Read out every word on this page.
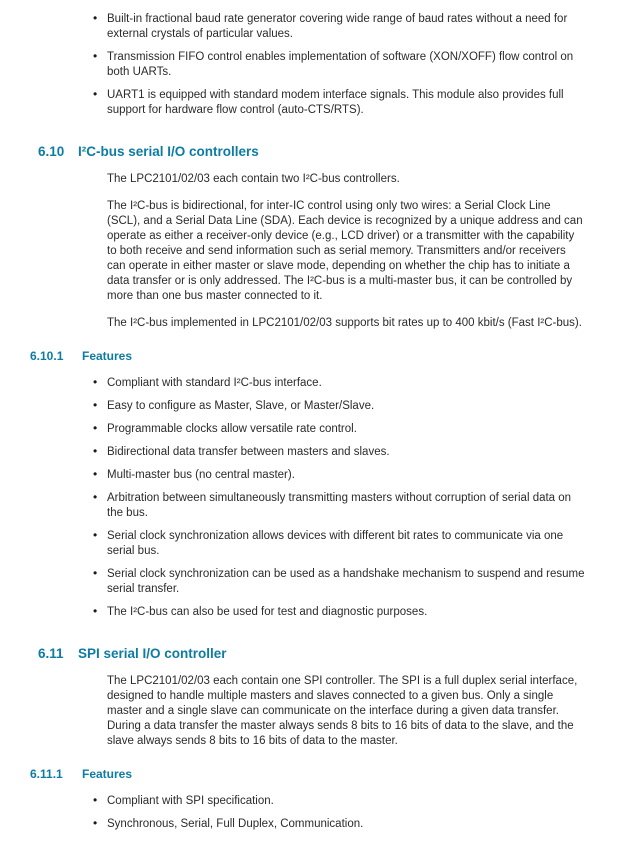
• Built-in fractional baud rate generator covering wide range of baud rates without a need for external crystals of particular values.
• Transmission FIFO control enables implementation of software (XON/XOFF) flow control on both UARTs.
• UART1 is equipped with standard modem interface signals. This module also provides full support for hardware flow control (auto-CTS/RTS).
6.10 I²C-bus serial I/O controllers

The LPC2101/02/03 each contain two I²C-bus controllers.

The I²C-bus is bidirectional, for inter-IC control using only two wires: a Serial Clock Line (SCL), and a Serial Data Line (SDA). Each device is recognized by a unique address and can operate as either a receiver-only device (e.g., LCD driver) or a transmitter with the capability to both receive and send information such as serial memory. Transmitters and/or receivers can operate in either master or slave mode, depending on whether the chip has to initiate a data transfer or is only addressed. The I²C-bus is a multi-master bus, it can be controlled by more than one bus master connected to it.

The I²C-bus implemented in LPC2101/02/03 supports bit rates up to 400 kbit/s (Fast I²C-bus).

6.10.1 Features
• Compliant with standard I²C-bus interface.
• Easy to configure as Master, Slave, or Master/Slave.
• Programmable clocks allow versatile rate control.
• Bidirectional data transfer between masters and slaves.
• Multi-master bus (no central master).
• Arbitration between simultaneously transmitting masters without corruption of serial data on the bus.
• Serial clock synchronization allows devices with different bit rates to communicate via one serial bus.
• Serial clock synchronization can be used as a handshake mechanism to suspend and resume serial transfer.
• The I²C-bus can also be used for test and diagnostic purposes.
6.11 SPI serial I/O controller

The LPC2101/02/03 each contain one SPI controller. The SPI is a full duplex serial interface, designed to handle multiple masters and slaves connected to a given bus. Only a single master and a single slave can communicate on the interface during a given data transfer. During a data transfer the master always sends 8 bits to 16 bits of data to the slave, and the slave always sends 8 bits to 16 bits of data to the master.

6.11.1 Features
• Compliant with SPI specification.
• Synchronous, Serial, Full Duplex, Communication.
